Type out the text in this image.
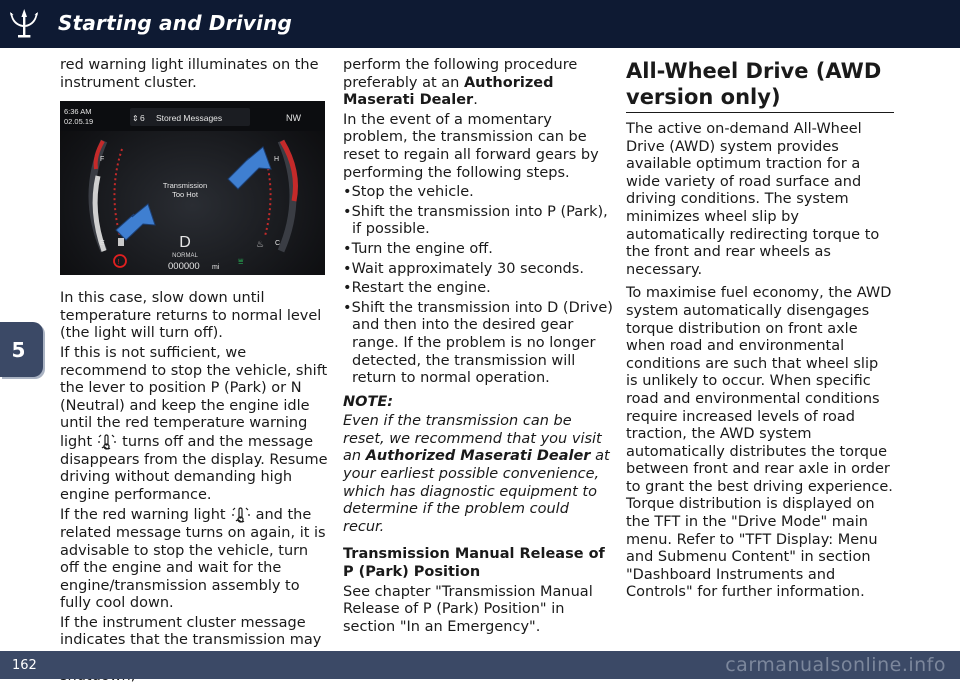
Starting and Driving
5

red warning light illuminates on the instrument cluster.

6:36 AM
02.05.19	⇕ 6 Stored Messages	NW
F
E
H
C
Transmission
Too Hot
♨
D
NORMAL
!	000000 mi
⩸

In this case, slow down until temperature returns to normal level (the light will turn off).

If this is not sufficient, we recommend to stop the vehicle, shift the lever to position P (Park) or N (Neutral) and keep the engine idle until the red temperature warning light turns off and the message disappears from the display. Resume driving without demanding high engine performance.

If the red warning light and the related message turns on again, it is advisable to stop the vehicle, turn off the engine and wait for the engine/transmission assembly to fully cool down.

If the instrument cluster message indicates that the transmission may

perform the following procedure preferably at an Authorized Maserati Dealer.

In the event of a momentary problem, the transmission can be reset to regain all forward gears by performing the following steps.

• Stop the vehicle.

• Shift the transmission into P (Park), if possible.

• Turn the engine off.

• Wait approximately 30 seconds.

• Restart the engine.

• Shift the transmission into D (Drive) and then into the desired gear range. If the problem is no longer detected, the transmission will return to normal operation.

NOTE:

Even if the transmission can be reset, we recommend that you visit an Authorized Maserati Dealer at your earliest possible convenience, which has diagnostic equipment to determine if the problem could recur.

Transmission Manual Release of P (Park) Position

See chapter "Transmission Manual Release of P (Park) Position" in section "In an Emergency".

All-Wheel Drive (AWD version only)

The active on-demand All-Wheel Drive (AWD) system provides available optimum traction for a wide variety of road surface and driving conditions. The system minimizes wheel slip by automatically redirecting torque to the front and rear wheels as necessary.

To maximise fuel economy, the AWD system automatically disengages torque distribution on front axle when road and environmental conditions are such that wheel slip is unlikely to occur. When specific road and environmental conditions require increased levels of road traction, the AWD system automatically distributes the torque between front and rear axle in order to grant the best driving experience. Torque distribution is displayed on the TFT in the "Drive Mode" main menu. Refer to "TFT Display: Menu and Submenu Content" in section "Dashboard Instruments and Controls" for further information.

162	carmanualsonline.info
